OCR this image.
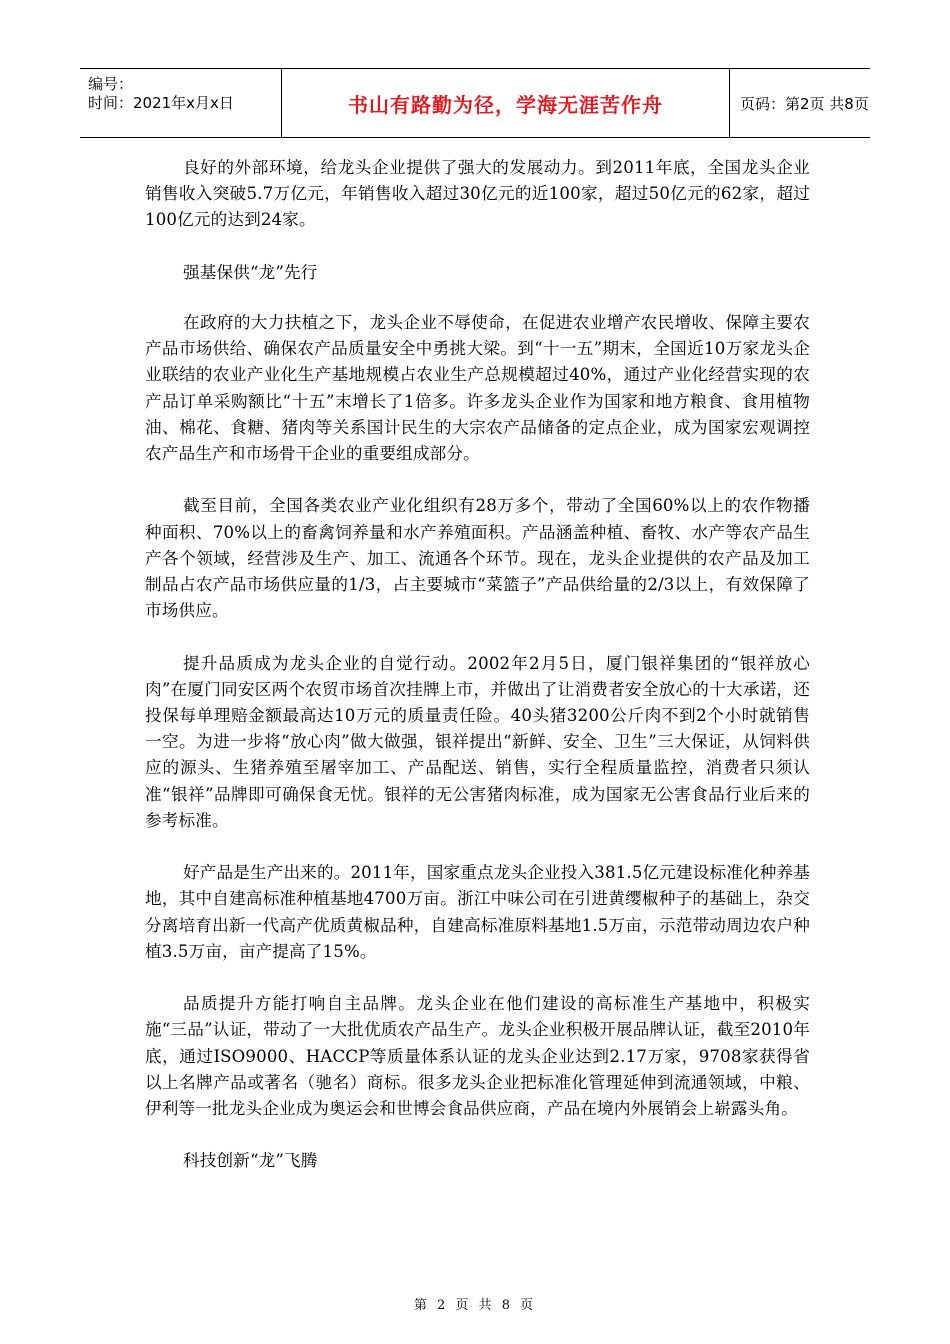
编号：
时间：2021年x月x日	书山有路勤为径，学海无涯苦作舟	页码：第2页 共8页

良好的外部环境，给龙头企业提供了强大的发展动力。到2011年底，全国龙头企业销售收入突破5.7万亿元，年销售收入超过30亿元的近100家，超过50亿元的62家，超过100亿元的达到24家。

强基保供“龙”先行

在政府的大力扶植之下，龙头企业不辱使命，在促进农业增产农民增收、保障主要农产品市场供给、确保农产品质量安全中勇挑大梁。到“十一五”期末，全国近10万家龙头企业联结的农业产业化生产基地规模占农业生产总规模超过40%，通过产业化经营实现的农产品订单采购额比“十五”末增长了1倍多。许多龙头企业作为国家和地方粮食、食用植物油、棉花、食糖、猪肉等关系国计民生的大宗农产品储备的定点企业，成为国家宏观调控农产品生产和市场骨干企业的重要组成部分。

截至目前，全国各类农业产业化组织有28万多个，带动了全国60%以上的农作物播种面积、70%以上的畜禽饲养量和水产养殖面积。产品涵盖种植、畜牧、水产等农产品生产各个领域，经营涉及生产、加工、流通各个环节。现在，龙头企业提供的农产品及加工制品占农产品市场供应量的1/3，占主要城市“菜篮子”产品供给量的2/3以上，有效保障了市场供应。

提升品质成为龙头企业的自觉行动。2002年2月5日，厦门银祥集团的“银祥放心肉”在厦门同安区两个农贸市场首次挂牌上市，并做出了让消费者安全放心的十大承诺，还投保每单理赔金额最高达10万元的质量责任险。40头猪3200公斤肉不到2个小时就销售一空。为进一步将“放心肉”做大做强，银祥提出“新鲜、安全、卫生”三大保证，从饲料供应的源头、生猪养殖至屠宰加工、产品配送、销售，实行全程质量监控，消费者只须认准“银祥”品牌即可确保食无忧。银祥的无公害猪肉标准，成为国家无公害食品行业后来的参考标准。

好产品是生产出来的。2011年，国家重点龙头企业投入381.5亿元建设标准化种养基地，其中自建高标准种植基地4700万亩。浙江中味公司在引进黄缨椒种子的基础上，杂交分离培育出新一代高产优质黄椒品种，自建高标准原料基地1.5万亩，示范带动周边农户种植3.5万亩，亩产提高了15%。

品质提升方能打响自主品牌。龙头企业在他们建设的高标准生产基地中，积极实施“三品”认证，带动了一大批优质农产品生产。龙头企业积极开展品牌认证，截至2010年底，通过ISO9000、HACCP等质量体系认证的龙头企业达到2.17万家，9708家获得省以上名牌产品或著名（驰名）商标。很多龙头企业把标准化管理延伸到流通领域，中粮、伊利等一批龙头企业成为奥运会和世博会食品供应商，产品在境内外展销会上崭露头角。

科技创新“龙”飞腾

第 2 页 共 8 页
